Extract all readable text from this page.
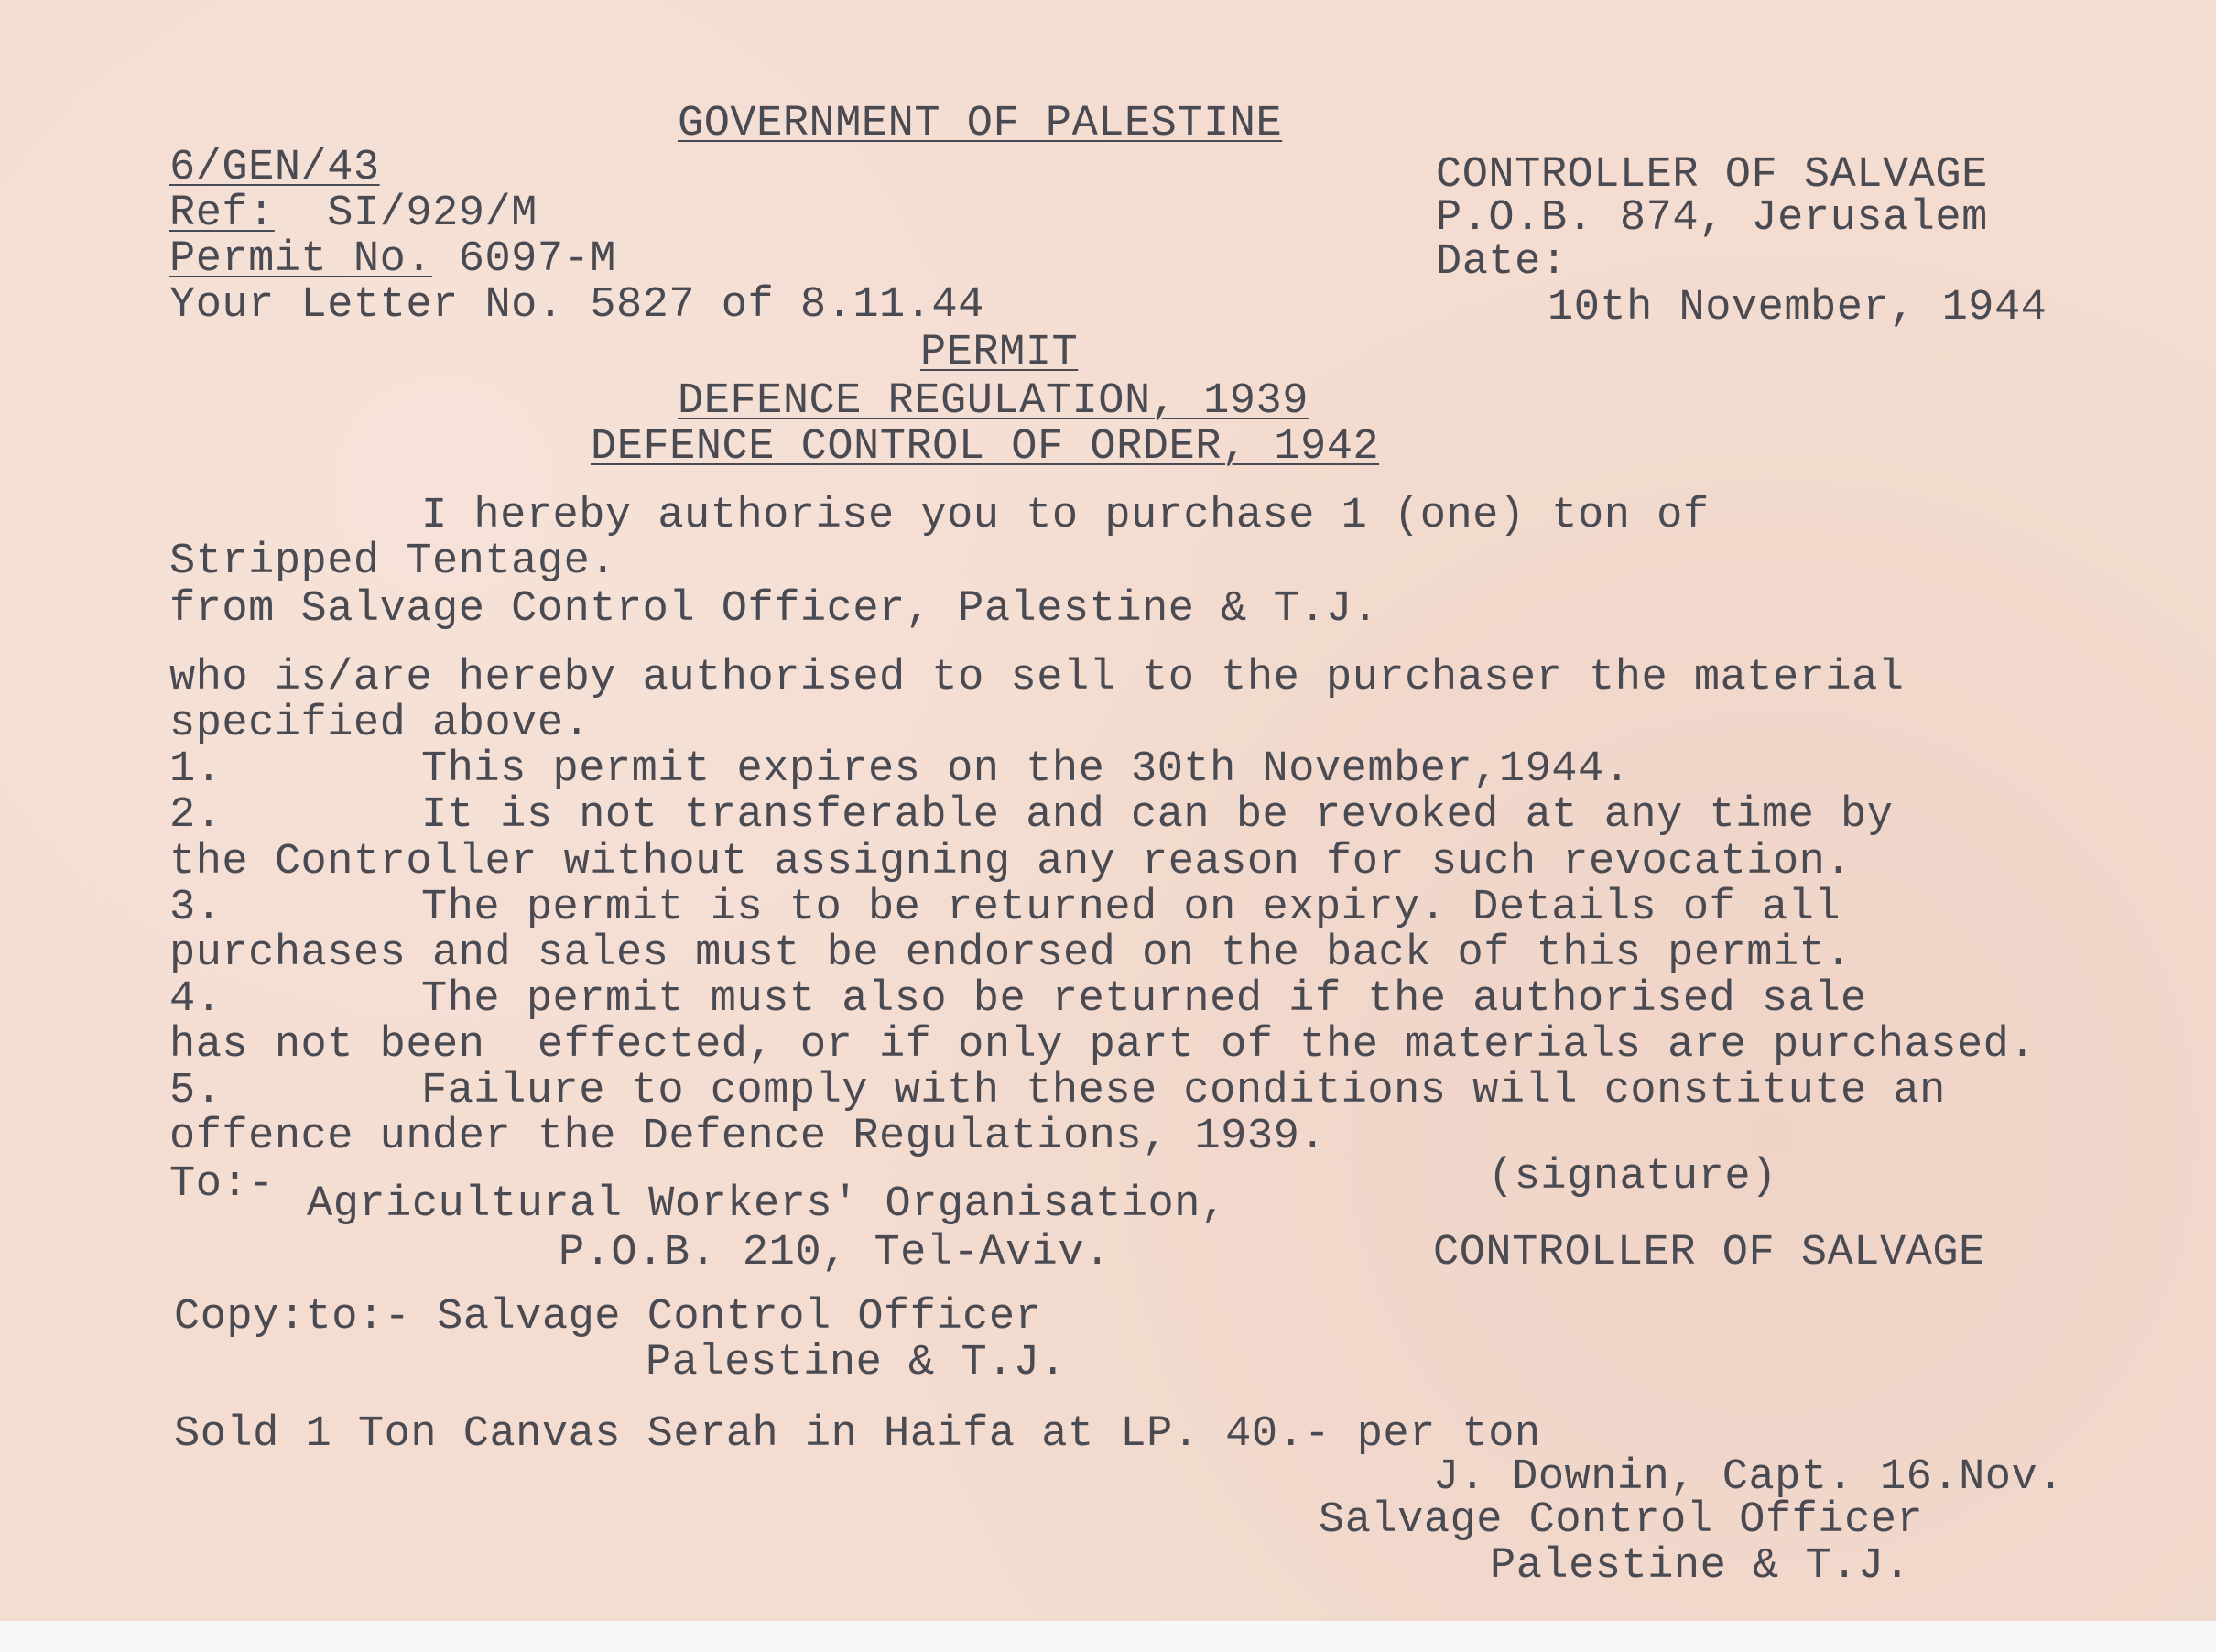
GOVERNMENT OF PALESTINE
6/GEN/43
Ref: SI/929/M
Permit No. 6097-M
Your Letter No. 5827 of 8.11.44
CONTROLLER OF SALVAGE
P.O.B. 874, Jerusalem
Date:
10th November, 1944
PERMIT
DEFENCE REGULATION, 1939
DEFENCE CONTROL OF ORDER, 1942
I hereby authorise you to purchase 1 (one) ton of
Stripped Tentage.
from Salvage Control Officer, Palestine & T.J.
who is/are hereby authorised to sell to the purchaser the material
specified above.
1.	This permit expires on the 30th November,1944.
2.	It is not transferable and can be revoked at any time by
the Controller without assigning any reason for such revocation.
3.	The permit is to be returned on expiry. Details of all
purchases and sales must be endorsed on the back of this permit.
4.	The permit must also be returned if the authorised sale
has not been  effected, or if only part of the materials are purchased.
5.	Failure to comply with these conditions will constitute an
offence under the Defence Regulations, 1939.
To:- Agricultural Workers' Organisation,
P.O.B. 210, Tel-Aviv.
(signature)
CONTROLLER OF SALVAGE
Copy:to:- Salvage Control Officer
Palestine & T.J.
Sold 1 Ton Canvas Serah in Haifa at LP. 40.- per ton
J. Downin, Capt. 16.Nov.
Salvage Control Officer
Palestine & T.J.
